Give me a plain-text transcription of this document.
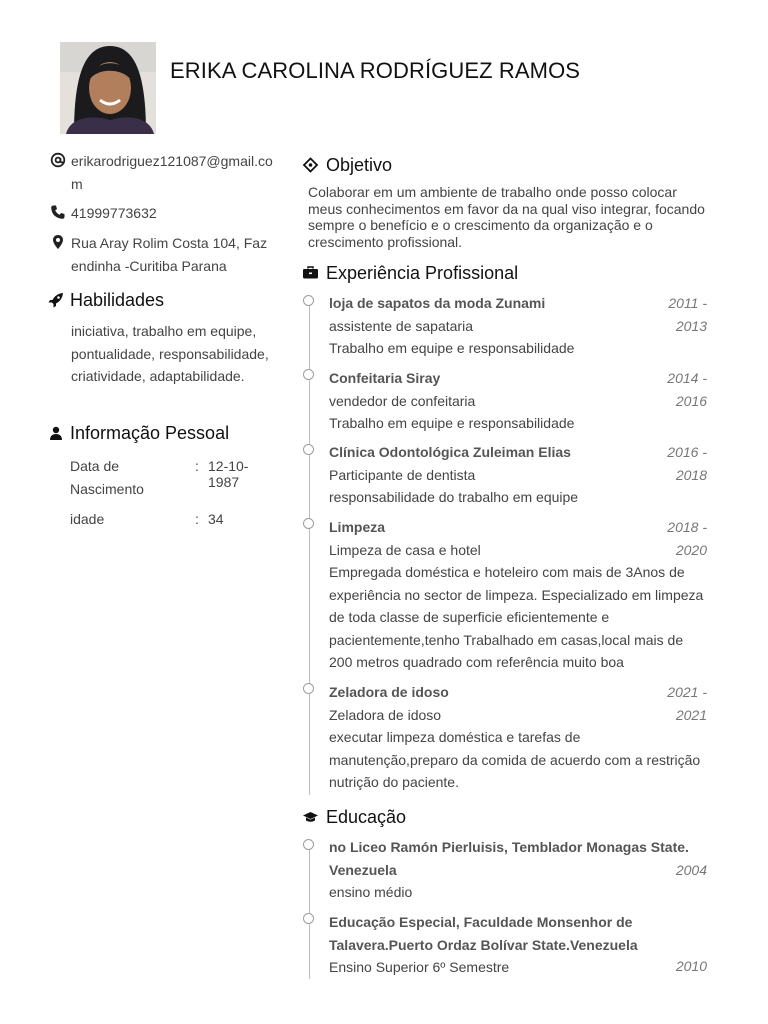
ERIKA CAROLINA RODRÍGUEZ RAMOS
erikarodriguez121087@gmail.com
41999773632
Rua Aray Rolim Costa 104, Faz endinha -Curitiba Parana
Habilidades
iniciativa, trabalho em equipe, pontualidade, responsabilidade, criatividade, adaptabilidade.
Informação Pessoal
Data de Nascimento
: 12-10-1987
idade	: 34
Objetivo
Colaborar em um ambiente de trabalho onde posso colocar meus conhecimentos em favor da na qual viso integrar, focando sempre o benefício e o crescimento da organização e o crescimento profissional.
Experiência Profissional
loja de sapatos da moda Zunami
assistente de sapataria
Trabalho em equipe e responsabilidade
2011 -
2013
Confeitaria Siray
vendedor de confeitaria
Trabalho em equipe e responsabilidade
2014 -
2016
Clínica Odontológica Zuleiman Elias
Participante de dentista
responsabilidade do trabalho em equipe
2016 -
2018
Limpeza
Limpeza de casa e hotel
Empregada doméstica e hoteleiro com mais de 3Anos de experiência no sector de limpeza. Especializado em limpeza de toda classe de superficie eficientemente e pacientemente,tenho Trabalhado em casas,local mais de 200 metros quadrado com referência muito boa
2018 -
2020
Zeladora de idoso
Zeladora de idoso
executar limpeza doméstica e tarefas de manutenção,preparo da comida de acuerdo com a restrição nutrição do paciente.
2021 -
2021
Educação
no Liceo Ramón Pierluisis, Temblador Monagas State. Venezuela
ensino médio
2004
Educação Especial, Faculdade Monsenhor de Talavera.Puerto Ordaz Bolívar State.Venezuela
Ensino Superior 6º Semestre	2010
